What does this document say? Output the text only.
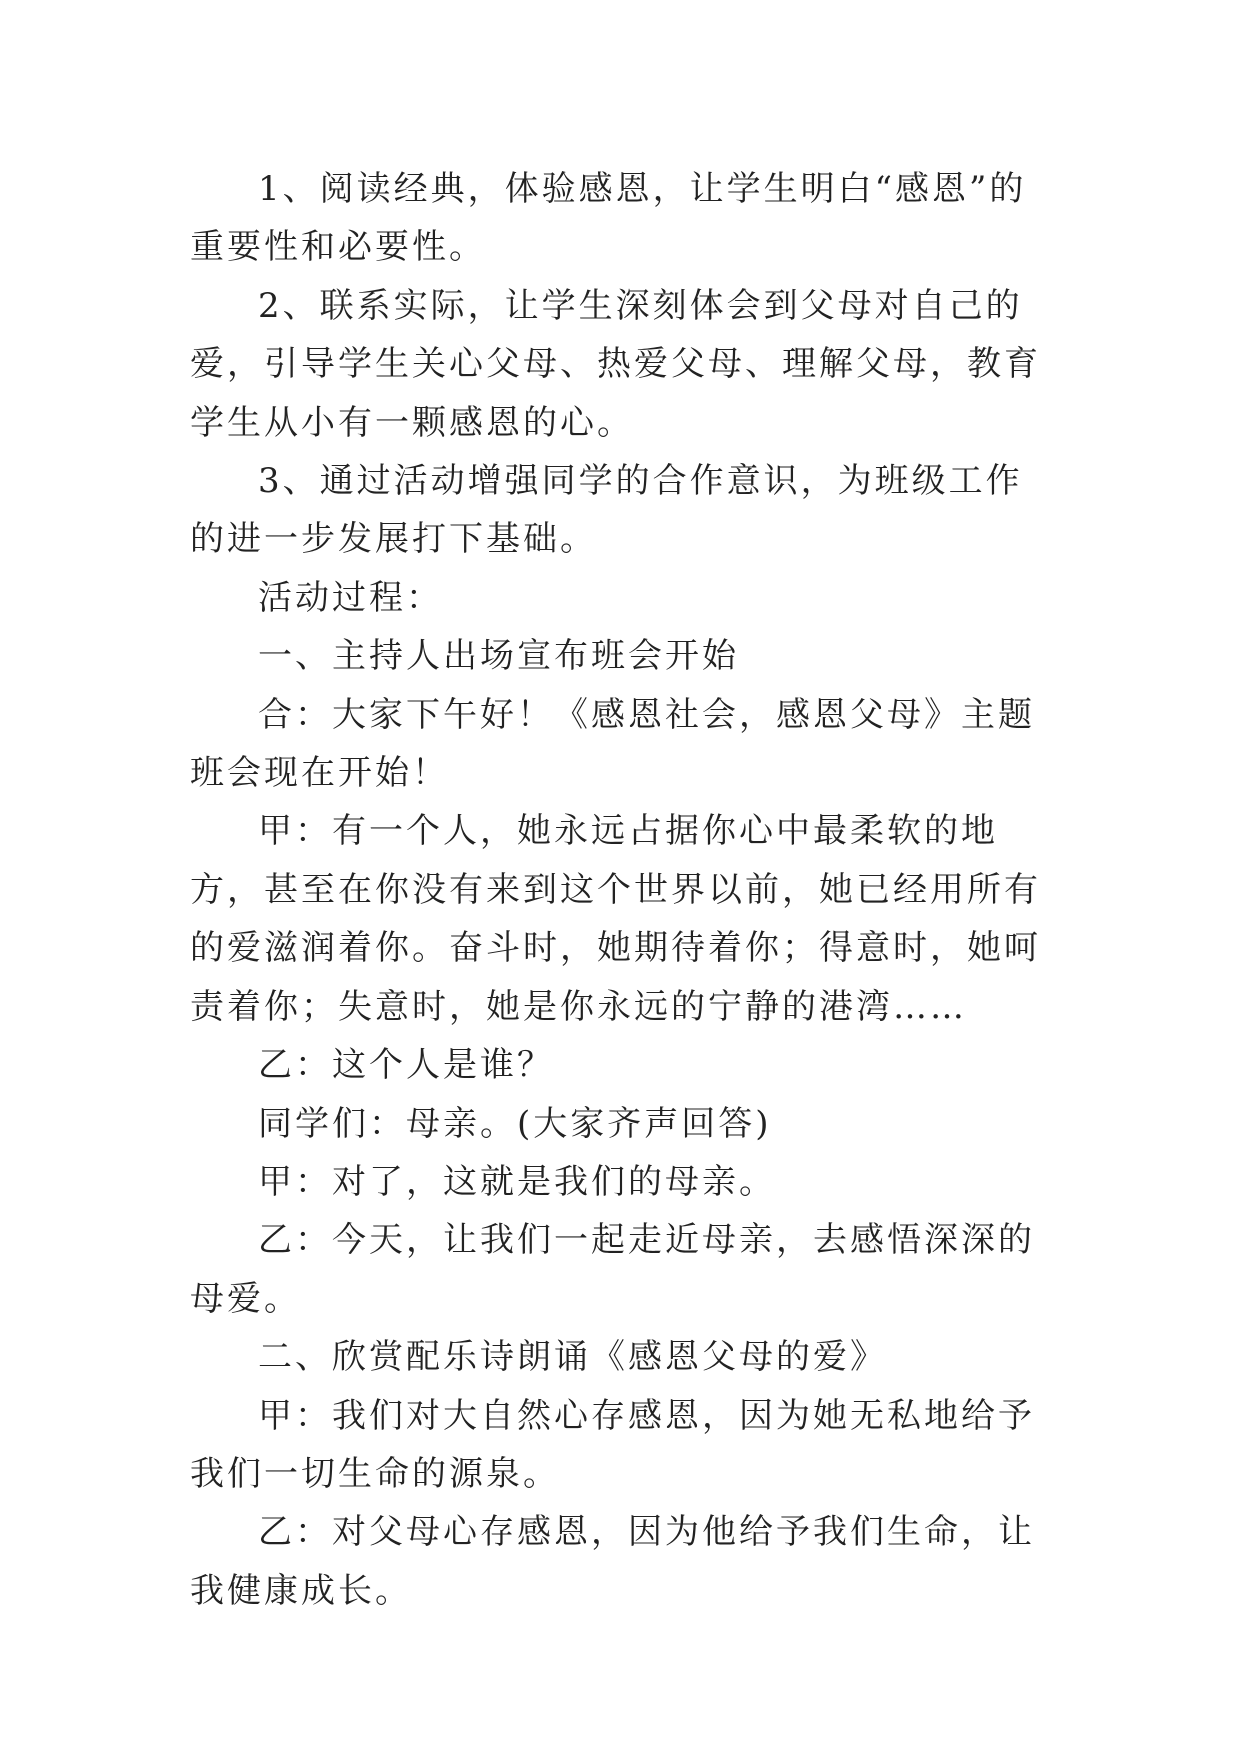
1、阅读经典，体验感恩，让学生明白“感恩”的重要性和必要性。

2、联系实际，让学生深刻体会到父母对自己的爱，引导学生关心父母、热爱父母、理解父母，教育学生从小有一颗感恩的心。

3、通过活动增强同学的合作意识，为班级工作的进一步发展打下基础。

活动过程：

一、主持人出场宣布班会开始

合：大家下午好！《感恩社会，感恩父母》主题班会现在开始！

甲：有一个人，她永远占据你心中最柔软的地方，甚至在你没有来到这个世界以前，她已经用所有的爱滋润着你。奋斗时，她期待着你；得意时，她呵责着你；失意时，她是你永远的宁静的港湾……

乙：这个人是谁？

同学们：母亲。(大家齐声回答)

甲：对了，这就是我们的母亲。

乙：今天，让我们一起走近母亲，去感悟深深的母爱。

二、欣赏配乐诗朗诵《感恩父母的爱》

甲：我们对大自然心存感恩，因为她无私地给予我们一切生命的源泉。

乙：对父母心存感恩，因为他给予我们生命，让我健康成长。
